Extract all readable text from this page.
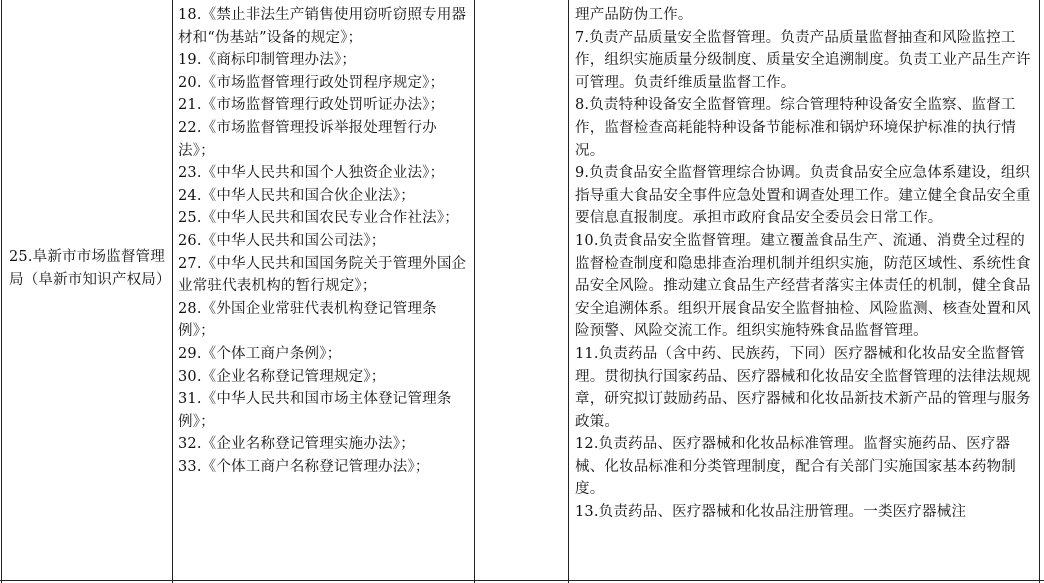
25.阜新市市场监督管理局（阜新市知识产权局）
18.《禁止非法生产销售使用窃听窃照专用器材和“伪基站”设备的规定》；
19.《商标印制管理办法》；
20.《市场监督管理行政处罚程序规定》；
21.《市场监督管理行政处罚听证办法》；
22.《市场监督管理投诉举报处理暂行办法》；
23.《中华人民共和国个人独资企业法》；
24.《中华人民共和国合伙企业法》；
25.《中华人民共和国农民专业合作社法》；
26.《中华人民共和国公司法》；
27.《中华人民共和国国务院关于管理外国企业常驻代表机构的暂行规定》；
28.《外国企业常驻代表机构登记管理条例》；
29.《个体工商户条例》；
30.《企业名称登记管理规定》；
31.《中华人民共和国市场主体登记管理条例》；
32.《企业名称登记管理实施办法》；
33.《个体工商户名称登记管理办法》；
理产品防伪工作。
7.负责产品质量安全监督管理。负责产品质量监督抽查和风险监控工作，组织实施质量分级制度、质量安全追溯制度。负责工业产品生产许可管理。负责纤维质量监督工作。
8.负责特种设备安全监督管理。综合管理特种设备安全监察、监督工作，监督检查高耗能特种设备节能标准和锅炉环境保护标准的执行情况。
9.负责食品安全监督管理综合协调。负责食品安全应急体系建设，组织指导重大食品安全事件应急处置和调查处理工作。建立健全食品安全重要信息直报制度。承担市政府食品安全委员会日常工作。
10.负责食品安全监督管理。建立覆盖食品生产、流通、消费全过程的监督检查制度和隐患排查治理机制并组织实施，防范区域性、系统性食品安全风险。推动建立食品生产经营者落实主体责任的机制，健全食品安全追溯体系。组织开展食品安全监督抽检、风险监测、核查处置和风险预警、风险交流工作。组织实施特殊食品监督管理。
11.负责药品（含中药、民族药，下同）医疗器械和化妆品安全监督管理。贯彻执行国家药品、医疗器械和化妆品安全监督管理的法律法规规章，研究拟订鼓励药品、医疗器械和化妆品新技术新产品的管理与服务政策。
12.负责药品、医疗器械和化妆品标准管理。监督实施药品、医疗器械、化妆品标准和分类管理制度，配合有关部门实施国家基本药物制度。
13.负责药品、医疗器械和化妆品注册管理。一类医疗器械注
